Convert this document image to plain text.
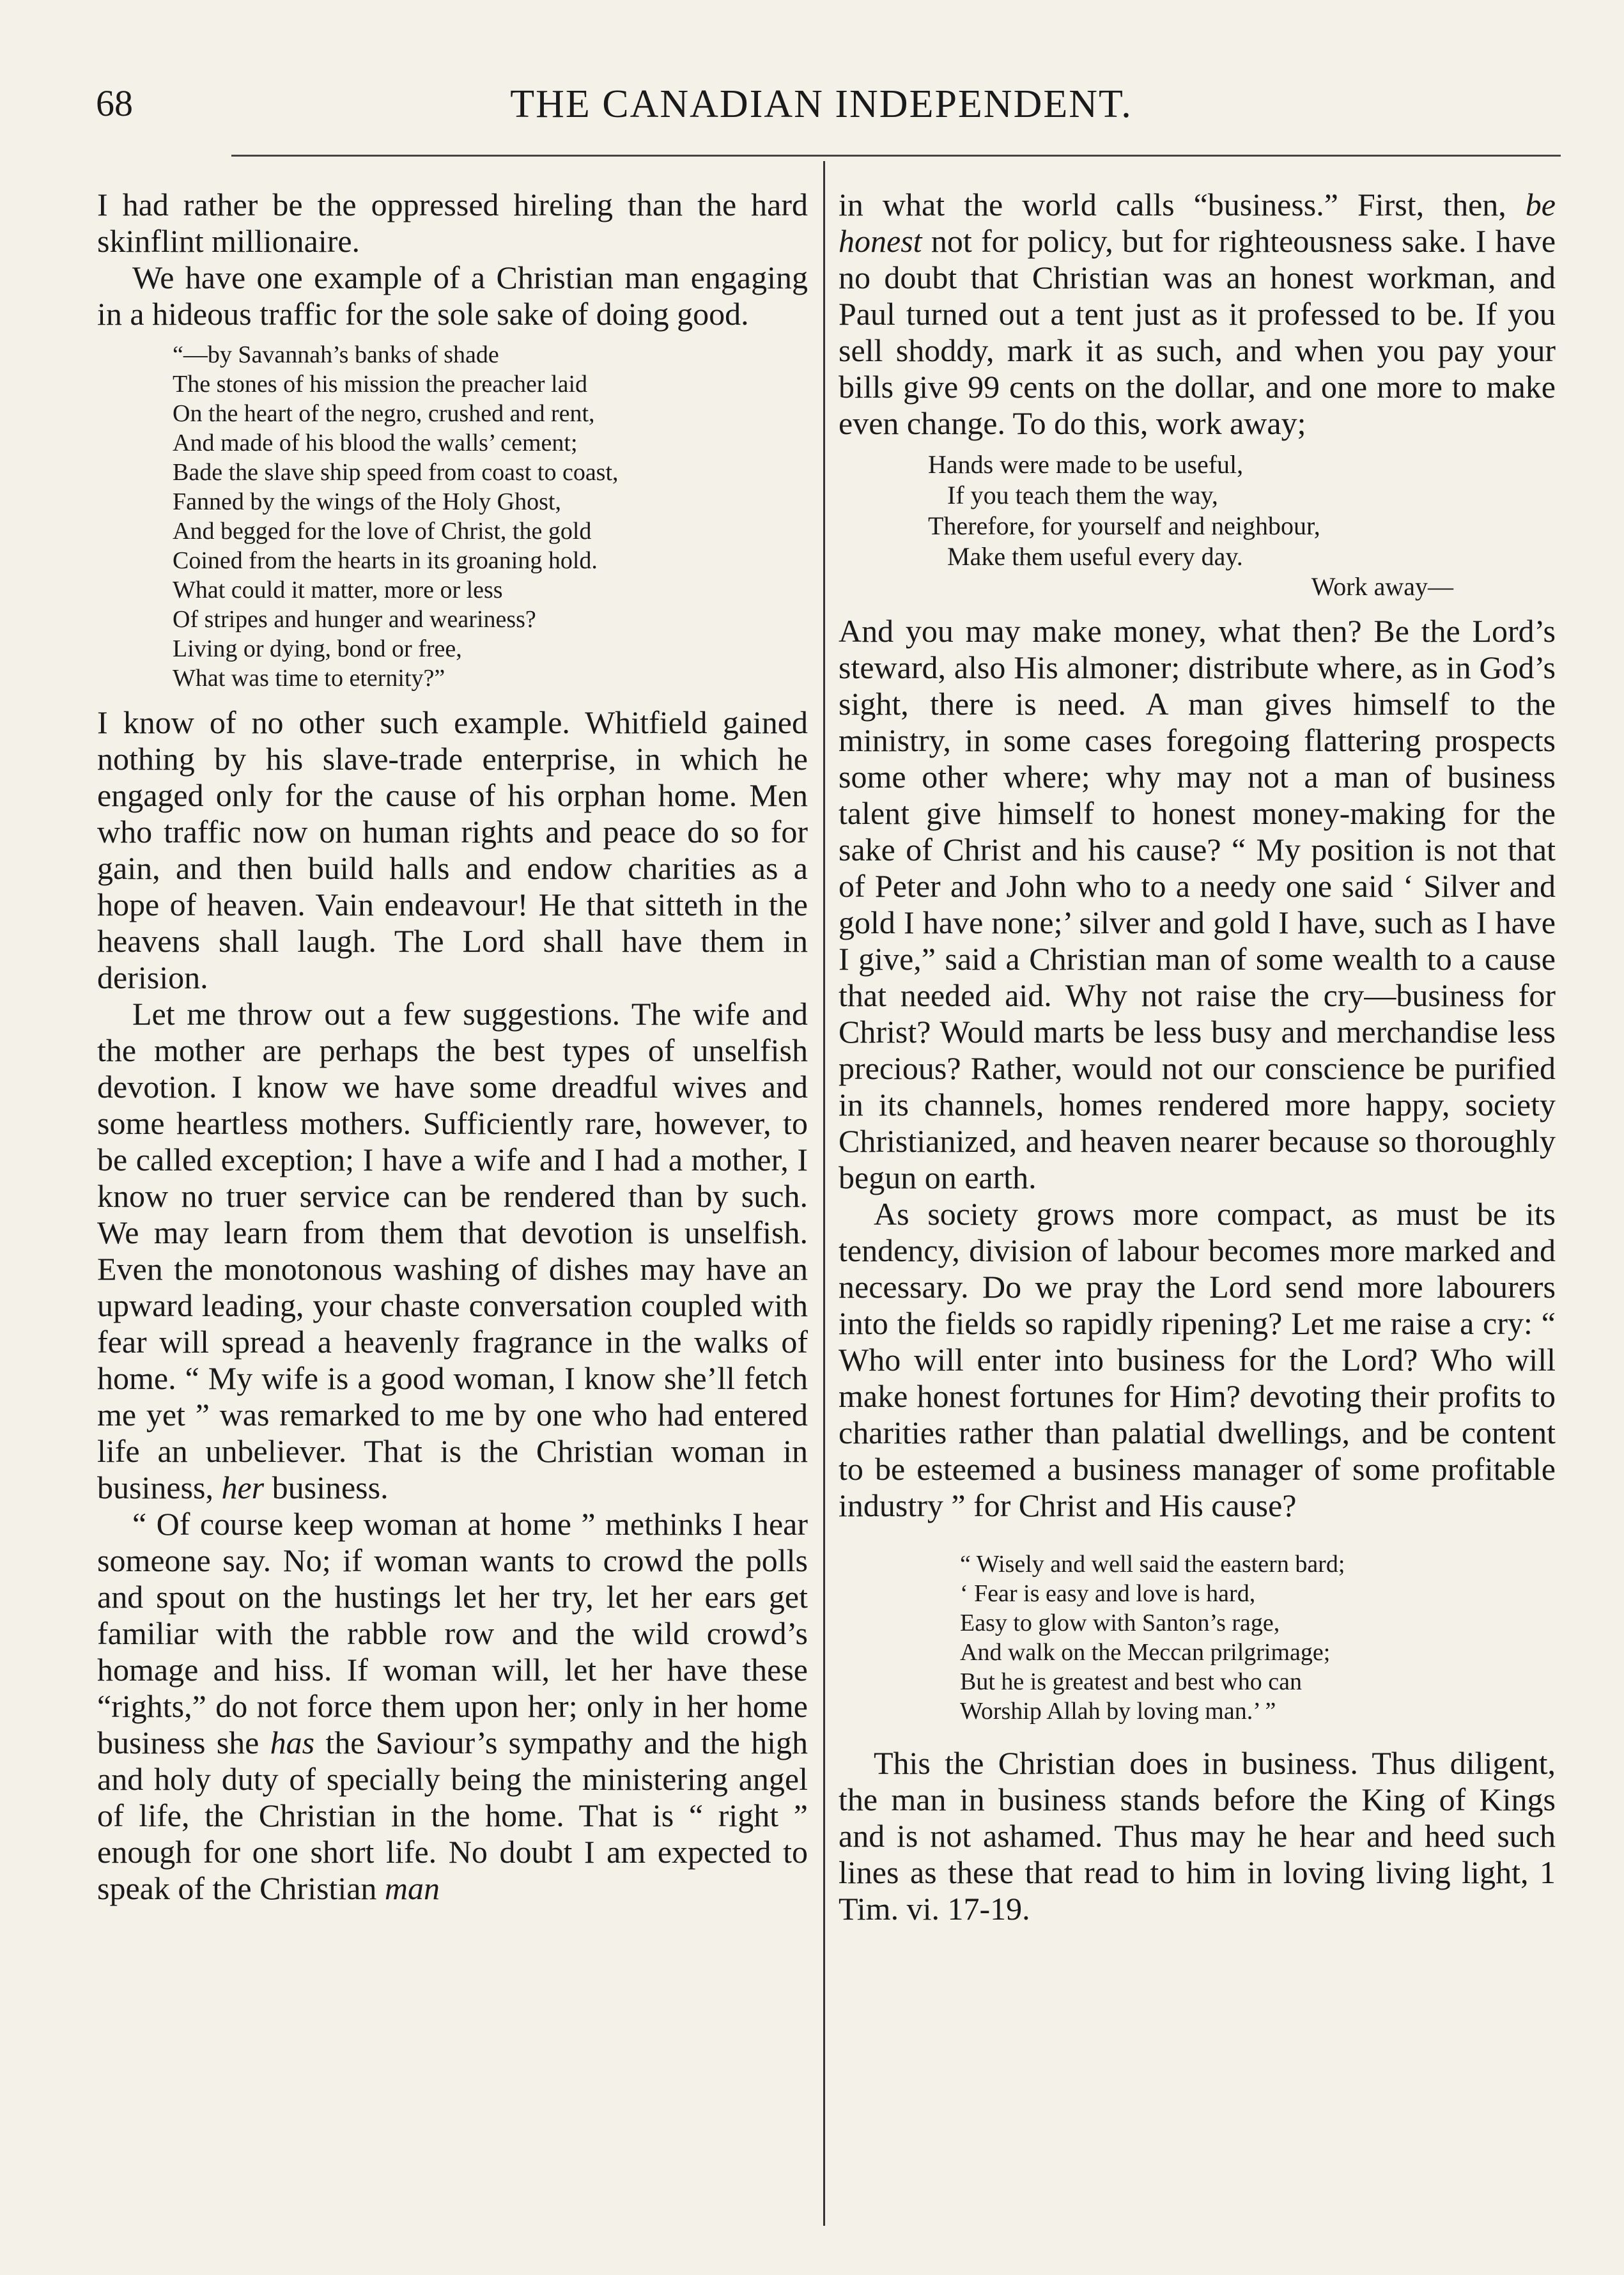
68	THE CANADIAN INDEPENDENT.

I had rather be the oppressed hireling than the hard skinflint millionaire.

We have one example of a Christian man engaging in a hideous traffic for the sole sake of doing good.

“—by Savannah’s banks of shade
The stones of his mission the preacher laid
On the heart of the negro, crushed and rent,
And made of his blood the walls’ cement;
Bade the slave ship speed from coast to coast,
Fanned by the wings of the Holy Ghost,
And begged for the love of Christ, the gold
Coined from the hearts in its groaning hold.
What could it matter, more or less
Of stripes and hunger and weariness?
Living or dying, bond or free,
What was time to eternity?”

I know of no other such example. Whitfield gained nothing by his slave-trade enterprise, in which he engaged only for the cause of his orphan home. Men who traffic now on human rights and peace do so for gain, and then build halls and endow charities as a hope of heaven. Vain endeavour! He that sitteth in the heavens shall laugh. The Lord shall have them in derision.

Let me throw out a few suggestions. The wife and the mother are perhaps the best types of unselfish devotion. I know we have some dreadful wives and some heartless mothers. Sufficiently rare, however, to be called exception; I have a wife and I had a mother, I know no truer service can be rendered than by such. We may learn from them that devotion is unselfish. Even the monotonous washing of dishes may have an upward leading, your chaste conversation coupled with fear will spread a heavenly fragrance in the walks of home. “ My wife is a good woman, I know she’ll fetch me yet ” was remarked to me by one who had entered life an unbeliever. That is the Christian woman in business, her business.

“ Of course keep woman at home ” methinks I hear someone say. No; if woman wants to crowd the polls and spout on the hustings let her try, let her ears get familiar with the rabble row and the wild crowd’s homage and hiss. If woman will, let her have these “rights,” do not force them upon her; only in her home business she has the Saviour’s sympathy and the high and holy duty of specially being the ministering angel of life, the Christian in the home. That is “ right ” enough for one short life. No doubt I am expected to speak of the Christian man

in what the world calls “business.” First, then, be honest not for policy, but for righteousness sake. I have no doubt that Christian was an honest workman, and Paul turned out a tent just as it professed to be. If you sell shoddy, mark it as such, and when you pay your bills give 99 cents on the dollar, and one more to make even change. To do this, work away;

Hands were made to be useful,
If you teach them the way,
Therefore, for yourself and neighbour,
Make them useful every day.
Work away—

And you may make money, what then? Be the Lord’s steward, also His almoner; distribute where, as in God’s sight, there is need. A man gives himself to the ministry, in some cases foregoing flattering prospects some other where; why may not a man of business talent give himself to honest money-making for the sake of Christ and his cause? “ My position is not that of Peter and John who to a needy one said ‘ Silver and gold I have none;’ silver and gold I have, such as I have I give,” said a Christian man of some wealth to a cause that needed aid. Why not raise the cry—business for Christ? Would marts be less busy and merchandise less precious? Rather, would not our conscience be purified in its channels, homes rendered more happy, society Christianized, and heaven nearer because so thoroughly begun on earth.

As society grows more compact, as must be its tendency, division of labour becomes more marked and necessary. Do we pray the Lord send more labourers into the fields so rapidly ripening? Let me raise a cry: “ Who will enter into business for the Lord? Who will make honest fortunes for Him? devoting their profits to charities rather than palatial dwellings, and be content to be esteemed a business manager of some profitable industry ” for Christ and His cause?

“ Wisely and well said the eastern bard;
‘ Fear is easy and love is hard,
Easy to glow with Santon’s rage,
And walk on the Meccan prilgrimage;
But he is greatest and best who can
Worship Allah by loving man.’ ”

This the Christian does in business. Thus diligent, the man in business stands before the King of Kings and is not ashamed. Thus may he hear and heed such lines as these that read to him in loving living light, 1 Tim. vi. 17-19.
